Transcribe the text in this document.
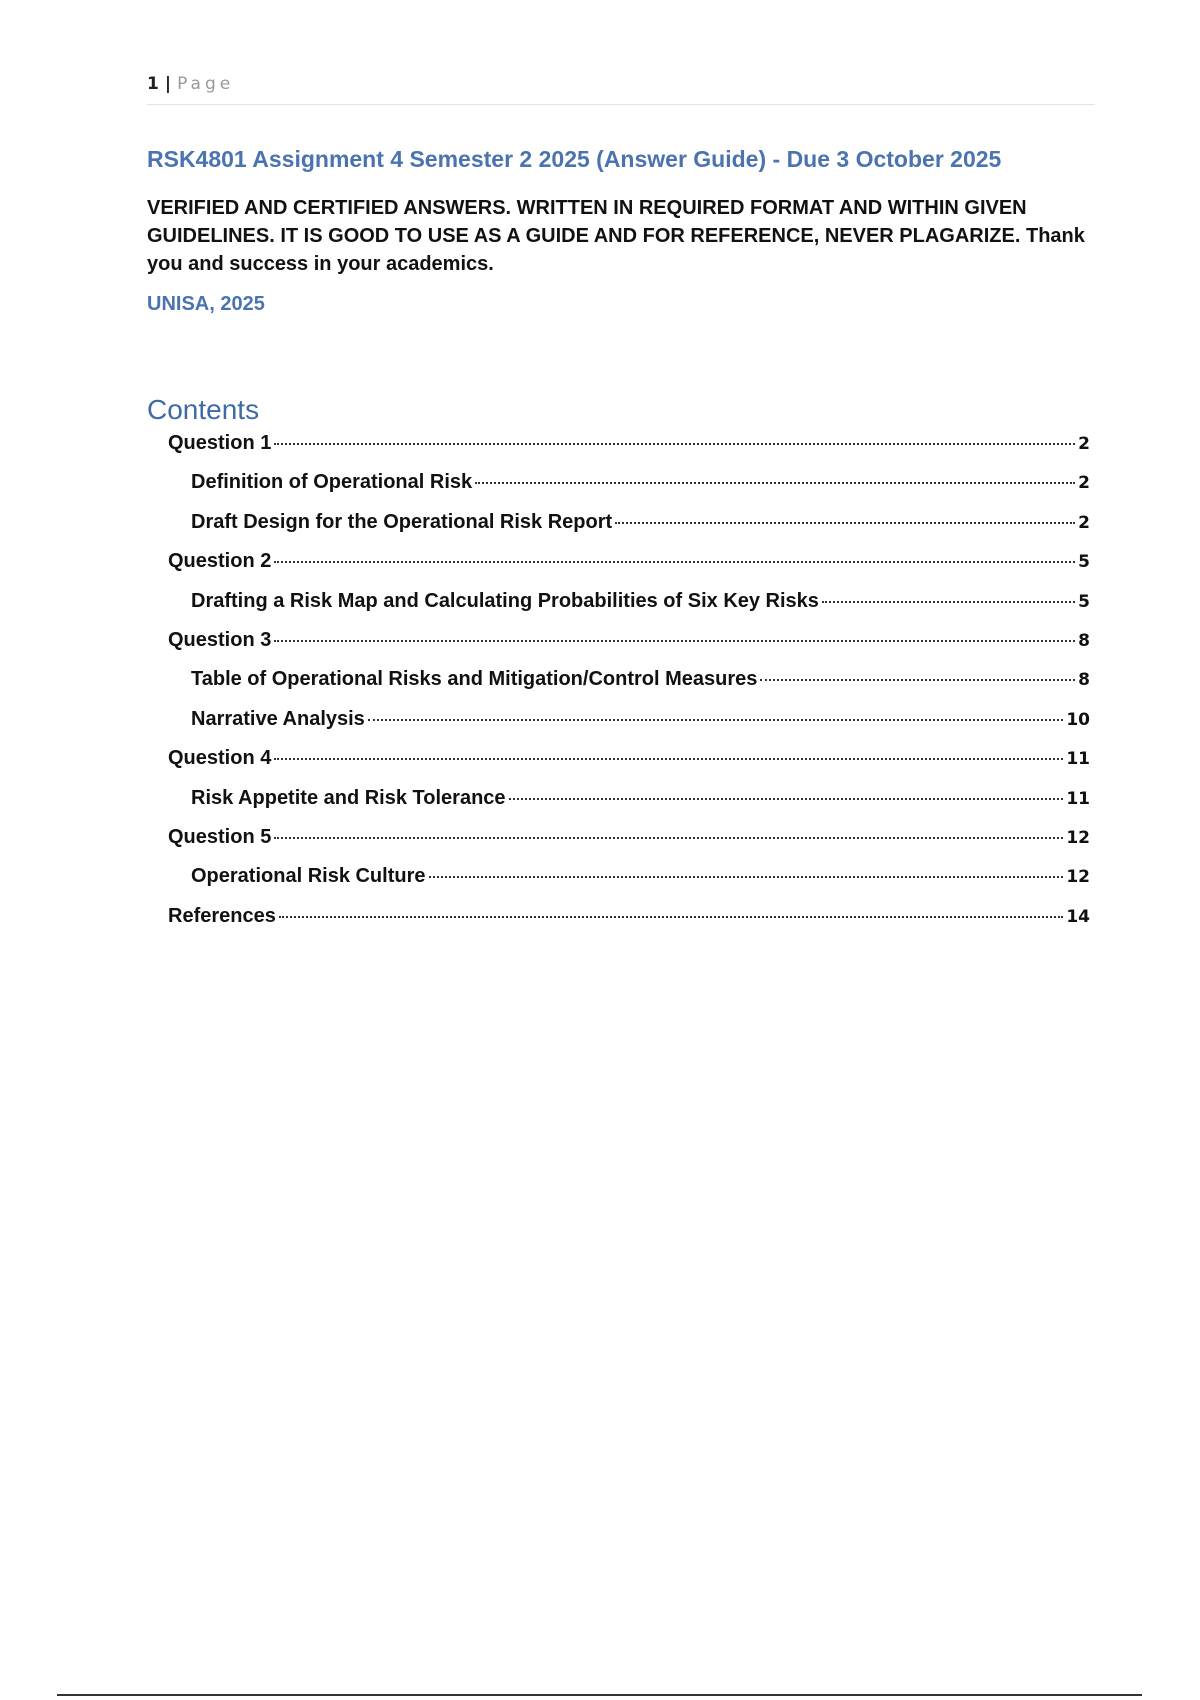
1 | Page
RSK4801 Assignment 4 Semester 2 2025 (Answer Guide) - Due 3 October 2025
VERIFIED AND CERTIFIED ANSWERS. WRITTEN IN REQUIRED FORMAT AND WITHIN GIVEN GUIDELINES. IT IS GOOD TO USE AS A GUIDE AND FOR REFERENCE, NEVER PLAGARIZE. Thank you and success in your academics.
UNISA, 2025
Contents
Question 1	2
Definition of Operational Risk	2
Draft Design for the Operational Risk Report	2
Question 2	5
Drafting a Risk Map and Calculating Probabilities of Six Key Risks	5
Question 3	8
Table of Operational Risks and Mitigation/Control Measures	8
Narrative Analysis	10
Question 4	11
Risk Appetite and Risk Tolerance	11
Question 5	12
Operational Risk Culture	12
References	14
